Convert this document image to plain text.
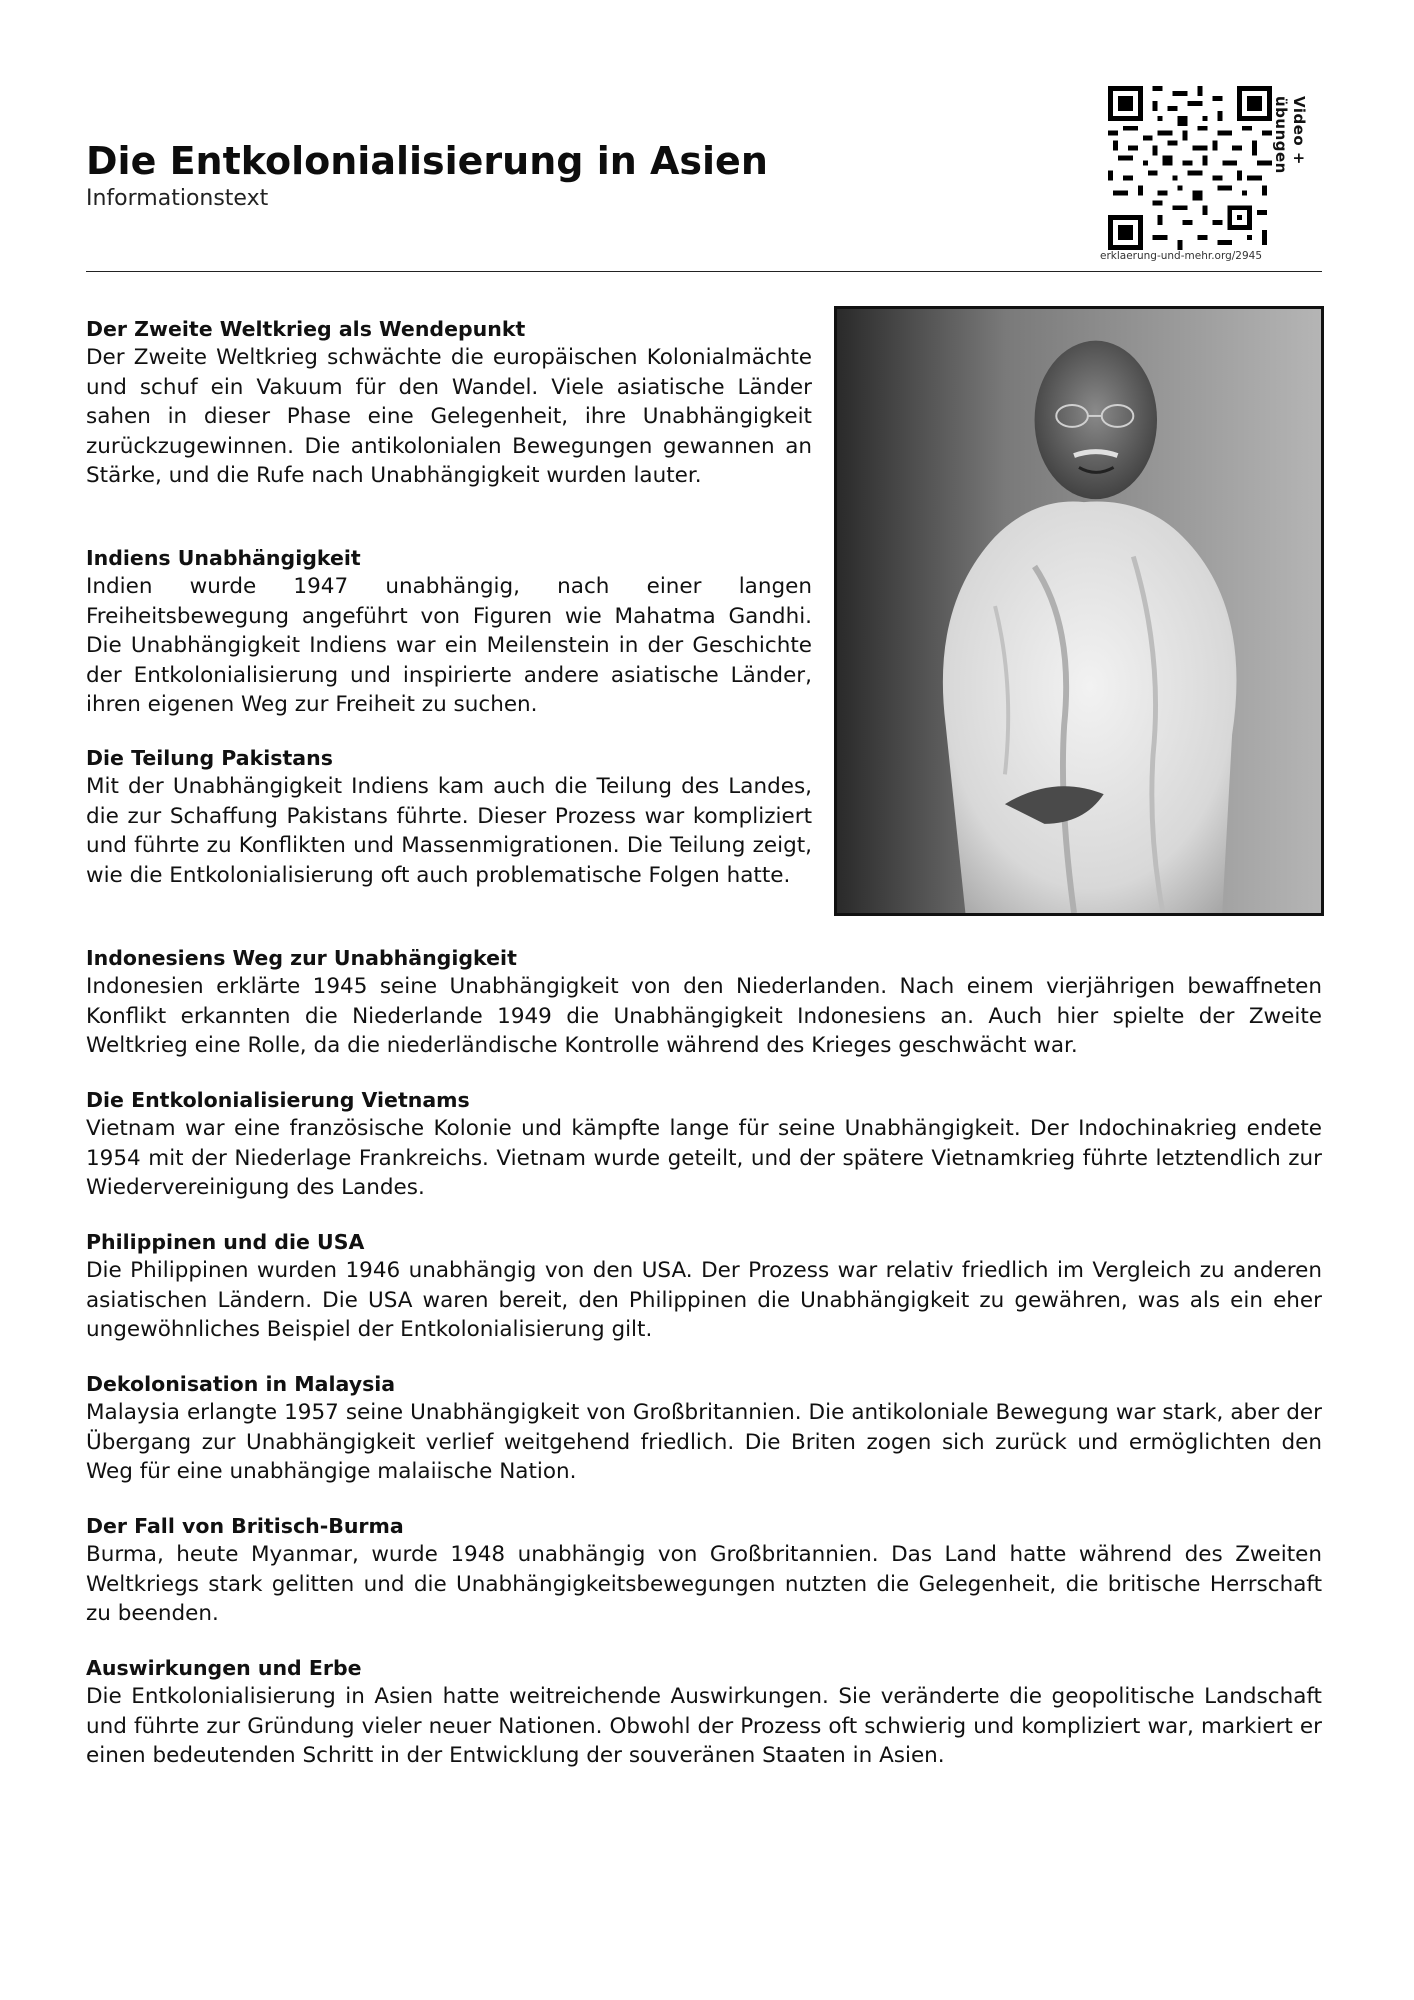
Die Entkolonialisierung in Asien
Informationstext
Video + übungen
erklaerung-und-mehr.org/2945
Der Zweite Weltkrieg als Wendepunkt

Der Zweite Weltkrieg schwächte die europäischen Kolonialmächte und schuf ein Vakuum für den Wandel. Viele asiatische Länder sahen in dieser Phase eine Gelegenheit, ihre Unabhängigkeit zurückzugewinnen. Die antikolonialen Bewegungen gewannen an Stärke, und die Rufe nach Unabhängigkeit wurden lauter.

Indiens Unabhängigkeit

Indien wurde 1947 unabhängig, nach einer langen Freiheitsbewegung angeführt von Figuren wie Mahatma Gandhi. Die Unabhängigkeit Indiens war ein Meilenstein in der Geschichte der Entkolonialisierung und inspirierte andere asiatische Länder, ihren eigenen Weg zur Freiheit zu suchen.

Die Teilung Pakistans

Mit der Unabhängigkeit Indiens kam auch die Teilung des Landes, die zur Schaffung Pakistans führte. Dieser Prozess war kompliziert und führte zu Konflikten und Massenmigrationen. Die Teilung zeigt, wie die Entkolonialisierung oft auch problematische Folgen hatte.

Indonesiens Weg zur Unabhängigkeit

Indonesien erklärte 1945 seine Unabhängigkeit von den Niederlanden. Nach einem vierjährigen bewaffneten Konflikt erkannten die Niederlande 1949 die Unabhängigkeit Indonesiens an. Auch hier spielte der Zweite Weltkrieg eine Rolle, da die niederländische Kontrolle während des Krieges geschwächt war.

Die Entkolonialisierung Vietnams

Vietnam war eine französische Kolonie und kämpfte lange für seine Unabhängigkeit. Der Indochinakrieg endete 1954 mit der Niederlage Frankreichs. Vietnam wurde geteilt, und der spätere Vietnamkrieg führte letztendlich zur Wiedervereinigung des Landes.

Philippinen und die USA

Die Philippinen wurden 1946 unabhängig von den USA. Der Prozess war relativ friedlich im Vergleich zu anderen asiatischen Ländern. Die USA waren bereit, den Philippinen die Unabhängigkeit zu gewähren, was als ein eher ungewöhnliches Beispiel der Entkolonialisierung gilt.

Dekolonisation in Malaysia

Malaysia erlangte 1957 seine Unabhängigkeit von Großbritannien. Die antikoloniale Bewegung war stark, aber der Übergang zur Unabhängigkeit verlief weitgehend friedlich. Die Briten zogen sich zurück und ermöglichten den Weg für eine unabhängige malaiische Nation.

Der Fall von Britisch-Burma

Burma, heute Myanmar, wurde 1948 unabhängig von Großbritannien. Das Land hatte während des Zweiten Weltkriegs stark gelitten und die Unabhängigkeitsbewegungen nutzten die Gelegenheit, die britische Herrschaft zu beenden.

Auswirkungen und Erbe

Die Entkolonialisierung in Asien hatte weitreichende Auswirkungen. Sie veränderte die geopolitische Landschaft und führte zur Gründung vieler neuer Nationen. Obwohl der Prozess oft schwierig und kompliziert war, markiert er einen bedeutenden Schritt in der Entwicklung der souveränen Staaten in Asien.
